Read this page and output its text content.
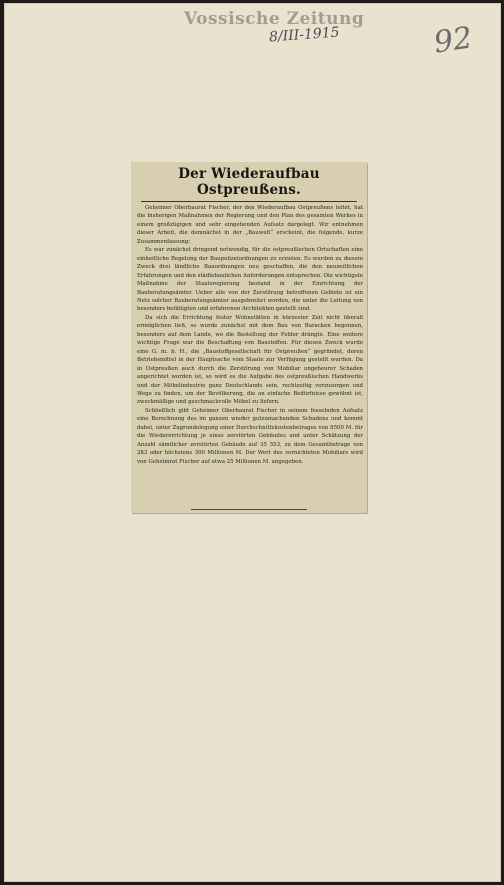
Vossische Zeitung
8/III-1915	92
Der Wiederaufbau Ostpreußens.

Geheimer Oberbaurat Fischer, der den Wiederaufbau Ostpreußens leitet, hat die bisherigen Maßnahmen der Regierung und den Plan des gesamten Werkes in einem großzügigen und sehr eingehenden Aufsatz dargelegt. Wir entnehmen dieser Arbeit, die demnächst in der „Bauwelt“ erscheint, die folgende, kurze Zusammenfassung:

Es war zunächst dringend notwendig, für die ostpreußischen Ortschaften eine einheitliche Regelung der Baupolizeiordnungen zu erzielen. Es wurden zu diesem Zweck drei ländliche Bauordnungen neu geschaffen, die den neuzeitlichen Erfahrungen und den städtebaulichen Anforderungen entsprechen. Die wichtigste Maßnahme der Staatsregierung bestand in der Einrichtung der Bauberatungsämter. Ueber alle von der Zerstörung betroffenen Gebiete ist ein Netz solcher Bauberatungsämter ausgebreitet worden, die unter die Leitung von besonders befähigten und erfahrenen Architekten gestellt sind.

Da sich die Errichtung fester Wohnstätten in kürzester Zeit nicht überall ermöglichen ließ, so wurde zunächst mit dem Bau von Baracken begonnen, besonders auf dem Lande, wo die Bestellung der Felder drängte. Eine weitere wichtige Frage war die Beschaffung von Baustoffen. Für diesen Zweck wurde eine G. m. b. H., die „Baustoffgesellschaft für Ostpreußen“ gegründet, deren Betriebsmittel in der Hauptsache vom Staate zur Verfügung gestellt wurden. Da in Ostpreußen auch durch die Zerstörung von Mobiliar ungeheurer Schaden angerichtet worden ist, so wird es die Aufgabe des ostpreußischen Handwerks und der Möbelindustrie ganz Deutschlands sein, rechtzeitig vorzusorgen und Wege zu finden, um der Bevölkerung, die an einfache Bedürfnisse gewöhnt ist, zweckmäßige und geschmackvolle Möbel zu liefern.

Schließlich gibt Geheimer Oberbaurat Fischer in seinem fesselnden Aufsatz eine Berechnung des im ganzen wieder gutzumachenden Schadens und kommt dabei, unter Zugrundelegung einer Durchschnittskostenbetrages von 8500 M. für die Wiedererrichtung je eines zerstörten Gebäudes und unter Schätzung der Anzahl sämtlicher zerstörten Gebäude auf 35 553, zu dem Gesamtbetrage von 283 oder höchstens 300 Millionen M. Der Wert des vernichteten Mobiliars wird von Geheimrat Fischer auf etwa 25 Millionen M. angegeben.
